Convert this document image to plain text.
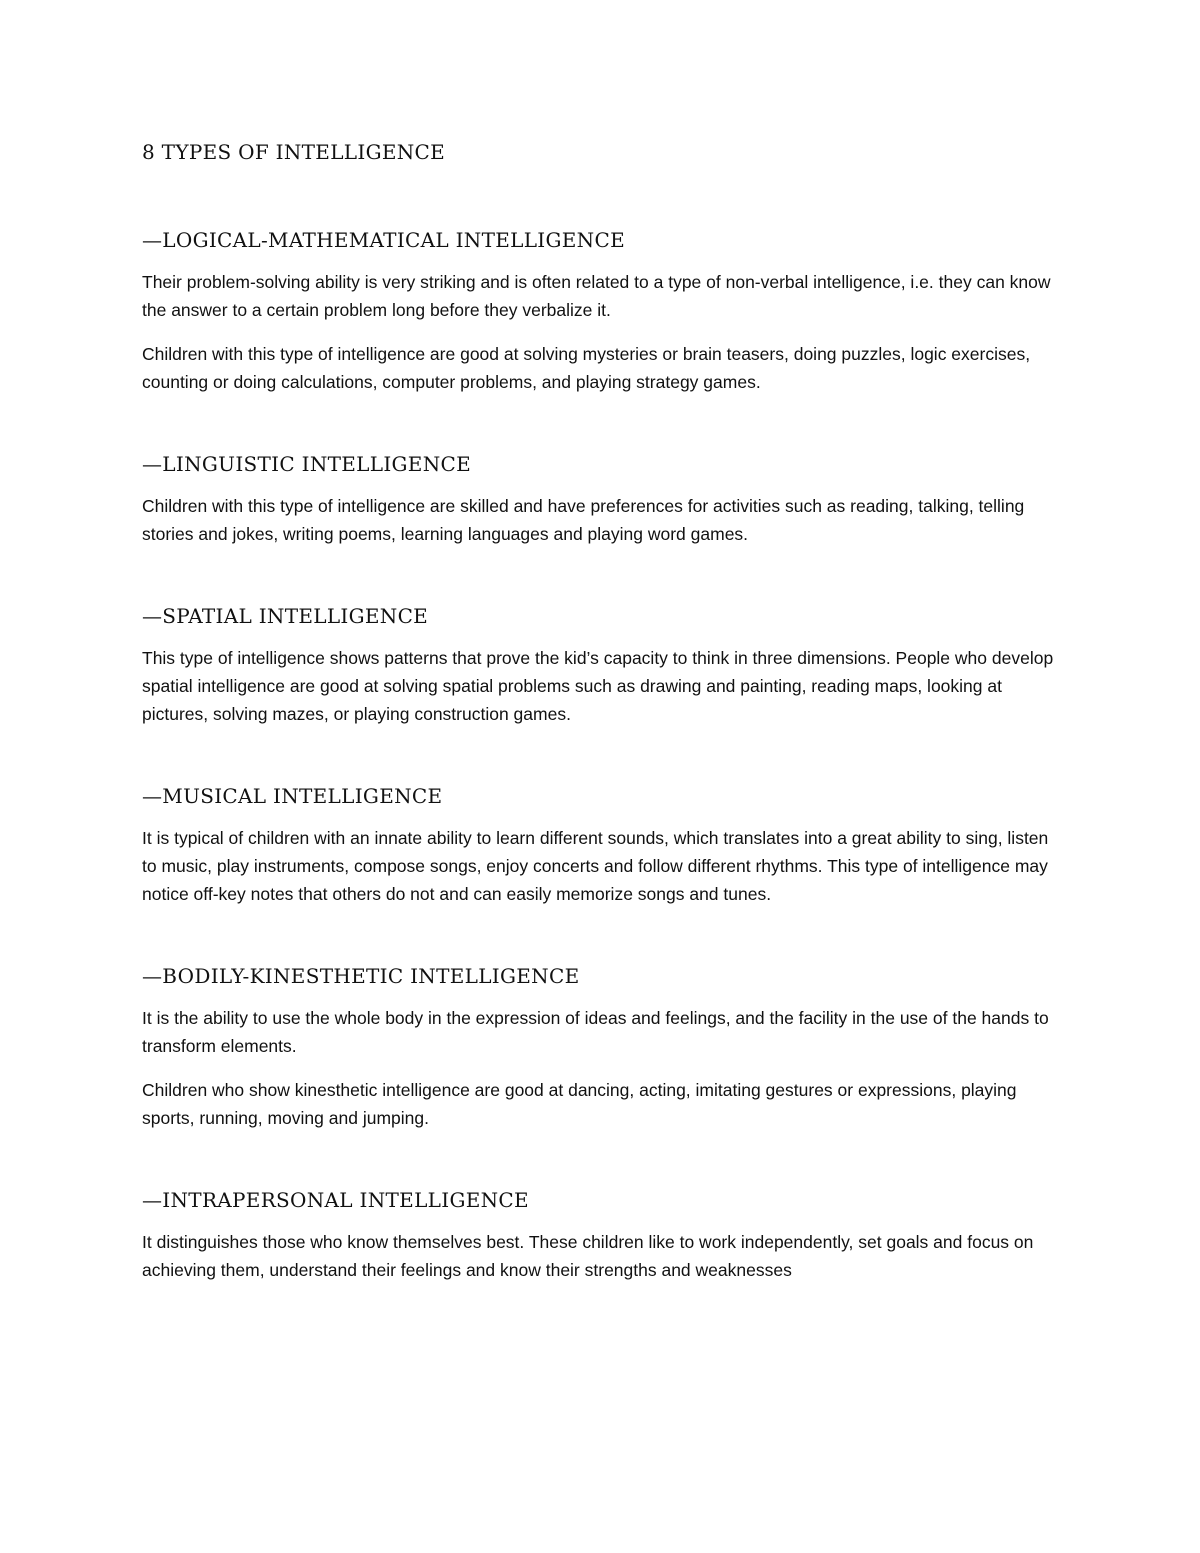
8 TYPES OF INTELLIGENCE
—LOGICAL-MATHEMATICAL INTELLIGENCE

Their problem-solving ability is very striking and is often related to a type of non-verbal intelligence, i.e. they can know the answer to a certain problem long before they verbalize it.

Children with this type of intelligence are good at solving mysteries or brain teasers, doing puzzles, logic exercises, counting or doing calculations, computer problems, and playing strategy games.

—LINGUISTIC INTELLIGENCE

Children with this type of intelligence are skilled and have preferences for activities such as reading, talking, telling stories and jokes, writing poems, learning languages and playing word games.

—SPATIAL INTELLIGENCE

This type of intelligence shows patterns that prove the kid’s capacity to think in three dimensions. People who develop spatial intelligence are good at solving spatial problems such as drawing and painting, reading maps, looking at pictures, solving mazes, or playing construction games.

—MUSICAL INTELLIGENCE

It is typical of children with an innate ability to learn different sounds, which translates into a great ability to sing, listen to music, play instruments, compose songs, enjoy concerts and follow different rhythms. This type of intelligence may notice off-key notes that others do not and can easily memorize songs and tunes.

—BODILY-KINESTHETIC INTELLIGENCE

It is the ability to use the whole body in the expression of ideas and feelings, and the facility in the use of the hands to transform elements.

Children who show kinesthetic intelligence are good at dancing, acting, imitating gestures or expressions, playing sports, running, moving and jumping.

—INTRAPERSONAL INTELLIGENCE

It distinguishes those who know themselves best. These children like to work independently, set goals and focus on achieving them, understand their feelings and know their strengths and weaknesses
